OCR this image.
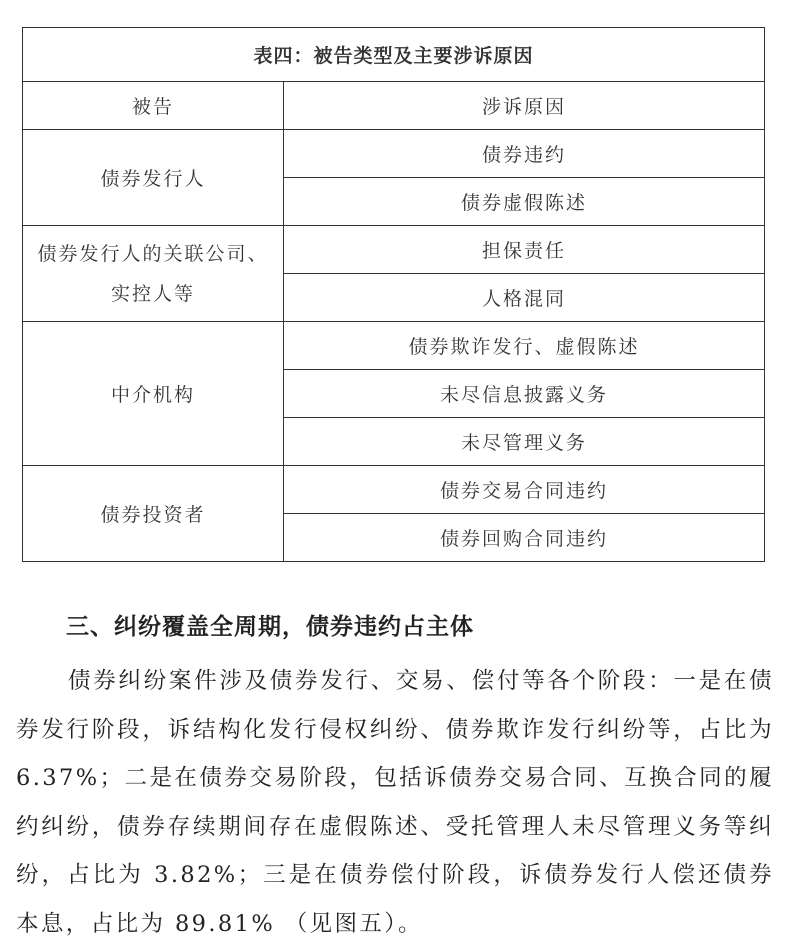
表四：被告类型及主要涉诉原因	
被告	涉诉原因
债券发行人	债券违约
	债券虚假陈述

债券发行人的关联公司、
实控人等	担保责任
	人格混同
中介机构	债券欺诈发行、虚假陈述
	未尽信息披露义务
	未尽管理义务
债券投资者	债券交易合同违约
	债券回购合同违约
三、纠纷覆盖全周期，债券违约占主体

债券纠纷案件涉及债券发行、交易、偿付等各个阶段：一是在债券发行阶段，诉结构化发行侵权纠纷、债券欺诈发行纠纷等，占比为 6.37%；二是在债券交易阶段，包括诉债券交易合同、互换合同的履约纠纷，债券存续期间存在虚假陈述、受托管理人未尽管理义务等纠纷，占比为 3.82%；三是在债券偿付阶段，诉债券发行人偿还债券本息，占比为 89.81% （见图五）。
